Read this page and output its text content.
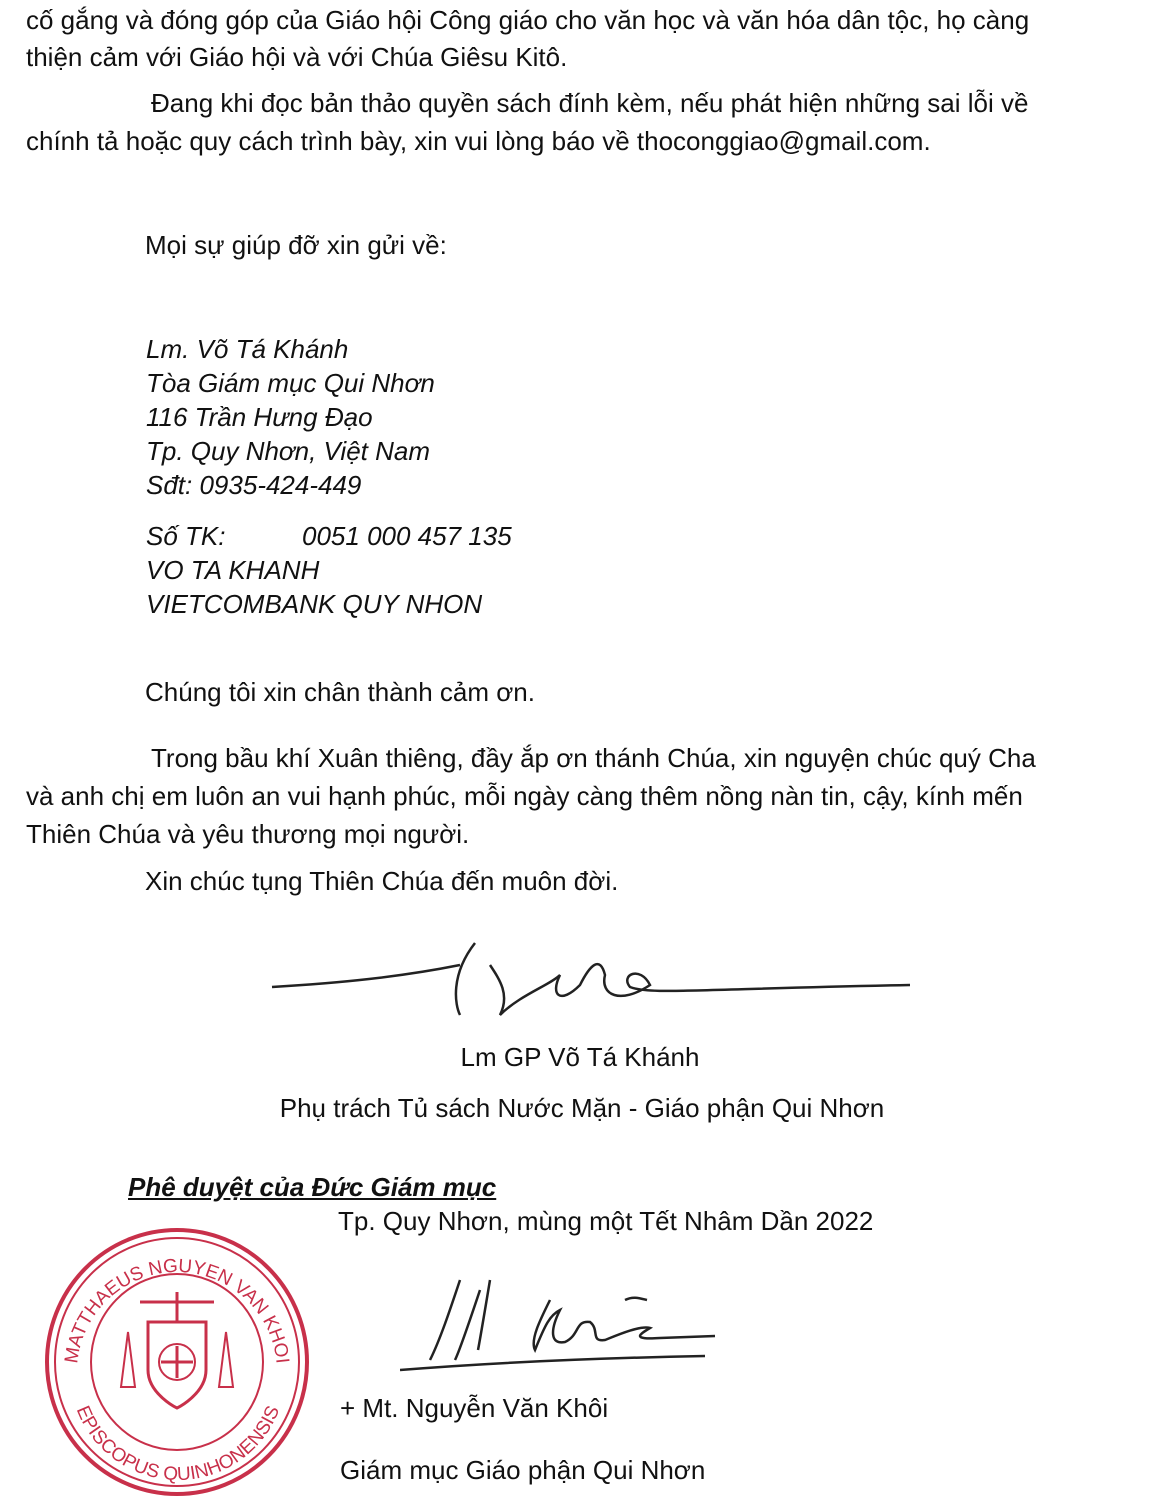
cố gắng và đóng góp của Giáo hội Công giáo cho văn học và văn hóa dân tộc, họ càng
thiện cảm với Giáo hội và với Chúa Giêsu Kitô.
Đang khi đọc bản thảo quyền sách đính kèm, nếu phát hiện những sai lỗi về
chính tả hoặc quy cách trình bày, xin vui lòng báo về thoconggiao@gmail.com.
Mọi sự giúp đỡ xin gửi về:
Lm. Võ Tá Khánh
Tòa Giám mục Qui Nhơn
116 Trần Hưng Đạo
Tp. Quy Nhơn, Việt Nam
Sđt: 0935-424-449
Số TK:	0051 000 457 135
VO TA KHANH
VIETCOMBANK QUY NHON
Chúng tôi xin chân thành cảm ơn.
Trong bầu khí Xuân thiêng, đầy ắp ơn thánh Chúa, xin nguyện chúc quý Cha
và anh chị em luôn an vui hạnh phúc, mỗi ngày càng thêm nồng nàn tin, cậy, kính mến
Thiên Chúa và yêu thương mọi người.
Xin chúc tụng Thiên Chúa đến muôn đời.
Lm GP Võ Tá Khánh
Phụ trách Tủ sách Nước Mặn - Giáo phận Qui Nhơn
Phê duyệt của Đức Giám mục
MATTHAEUS NGUYEN VAN KHOI
EPISCOPUS QUINHONENSIS
Tp. Quy Nhơn, mùng một Tết Nhâm Dần 2022
+ Mt. Nguyễn Văn Khôi
Giám mục Giáo phận Qui Nhơn
